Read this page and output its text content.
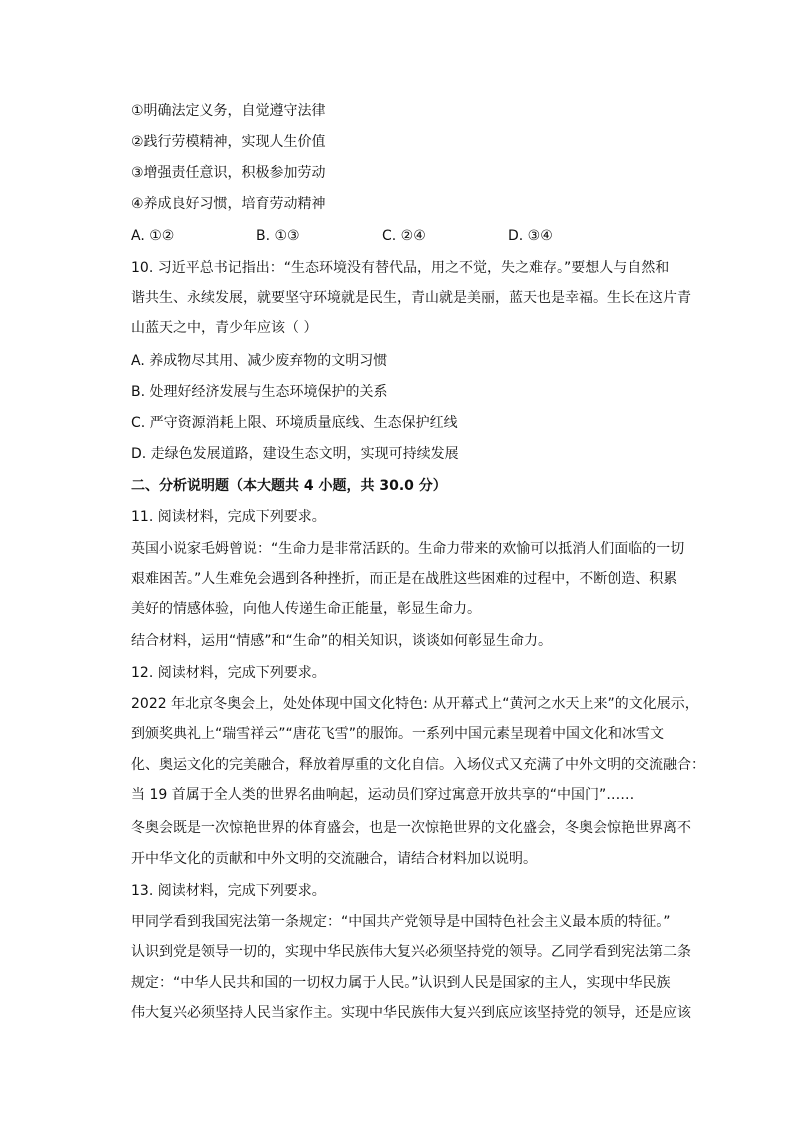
①明确法定义务，自觉遵守法律
②践行劳模精神，实现人生价值
③增强责任意识，积极参加劳动
④养成良好习惯，培育劳动精神
A. ①②	B. ①③	C. ②④	D. ③④
10. 习近平总书记指出：“生态环境没有替代品，用之不觉，失之难存。”要想人与自然和
谐共生、永续发展，就要坚守环境就是民生，青山就是美丽，蓝天也是幸福。生长在这片青
山蓝天之中，青少年应该（ ）
A. 养成物尽其用、减少废弃物的文明习惯
B. 处理好经济发展与生态环境保护的关系
C. 严守资源消耗上限、环境质量底线、生态保护红线
D. 走绿色发展道路，建设生态文明，实现可持续发展
二、分析说明题（本大题共 4 小题，共 30.0 分）
11. 阅读材料，完成下列要求。
英国小说家毛姆曾说：“生命力是非常活跃的。生命力带来的欢愉可以抵消人们面临的一切
艰难困苦。”人生难免会遇到各种挫折，而正是在战胜这些困难的过程中，不断创造、积累
美好的情感体验，向他人传递生命正能量，彰显生命力。
结合材料，运用“情感”和“生命”的相关知识，谈谈如何彰显生命力。
12. 阅读材料，完成下列要求。
2022 年北京冬奥会上，处处体现中国文化特色: 从开幕式上“黄河之水天上来”的文化展示，
到颁奖典礼上“瑞雪祥云”“唐花飞雪”的服饰。一系列中国元素呈现着中国文化和冰雪文
化、奥运文化的完美融合，释放着厚重的文化自信。入场仪式又充满了中外文明的交流融合：
当 19 首属于全人类的世界名曲响起，运动员们穿过寓意开放共享的“中国门”……
冬奥会既是一次惊艳世界的体育盛会，也是一次惊艳世界的文化盛会，冬奥会惊艳世界离不
开中华文化的贡献和中外文明的交流融合，请结合材料加以说明。
13. 阅读材料，完成下列要求。
甲同学看到我国宪法第一条规定：“中国共产党领导是中国特色社会主义最本质的特征。”
认识到党是领导一切的，实现中华民族伟大复兴必须坚持党的领导。乙同学看到宪法第二条
规定：“中华人民共和国的一切权力属于人民。”认识到人民是国家的主人，实现中华民族
伟大复兴必须坚持人民当家作主。实现中华民族伟大复兴到底应该坚持党的领导，还是应该
